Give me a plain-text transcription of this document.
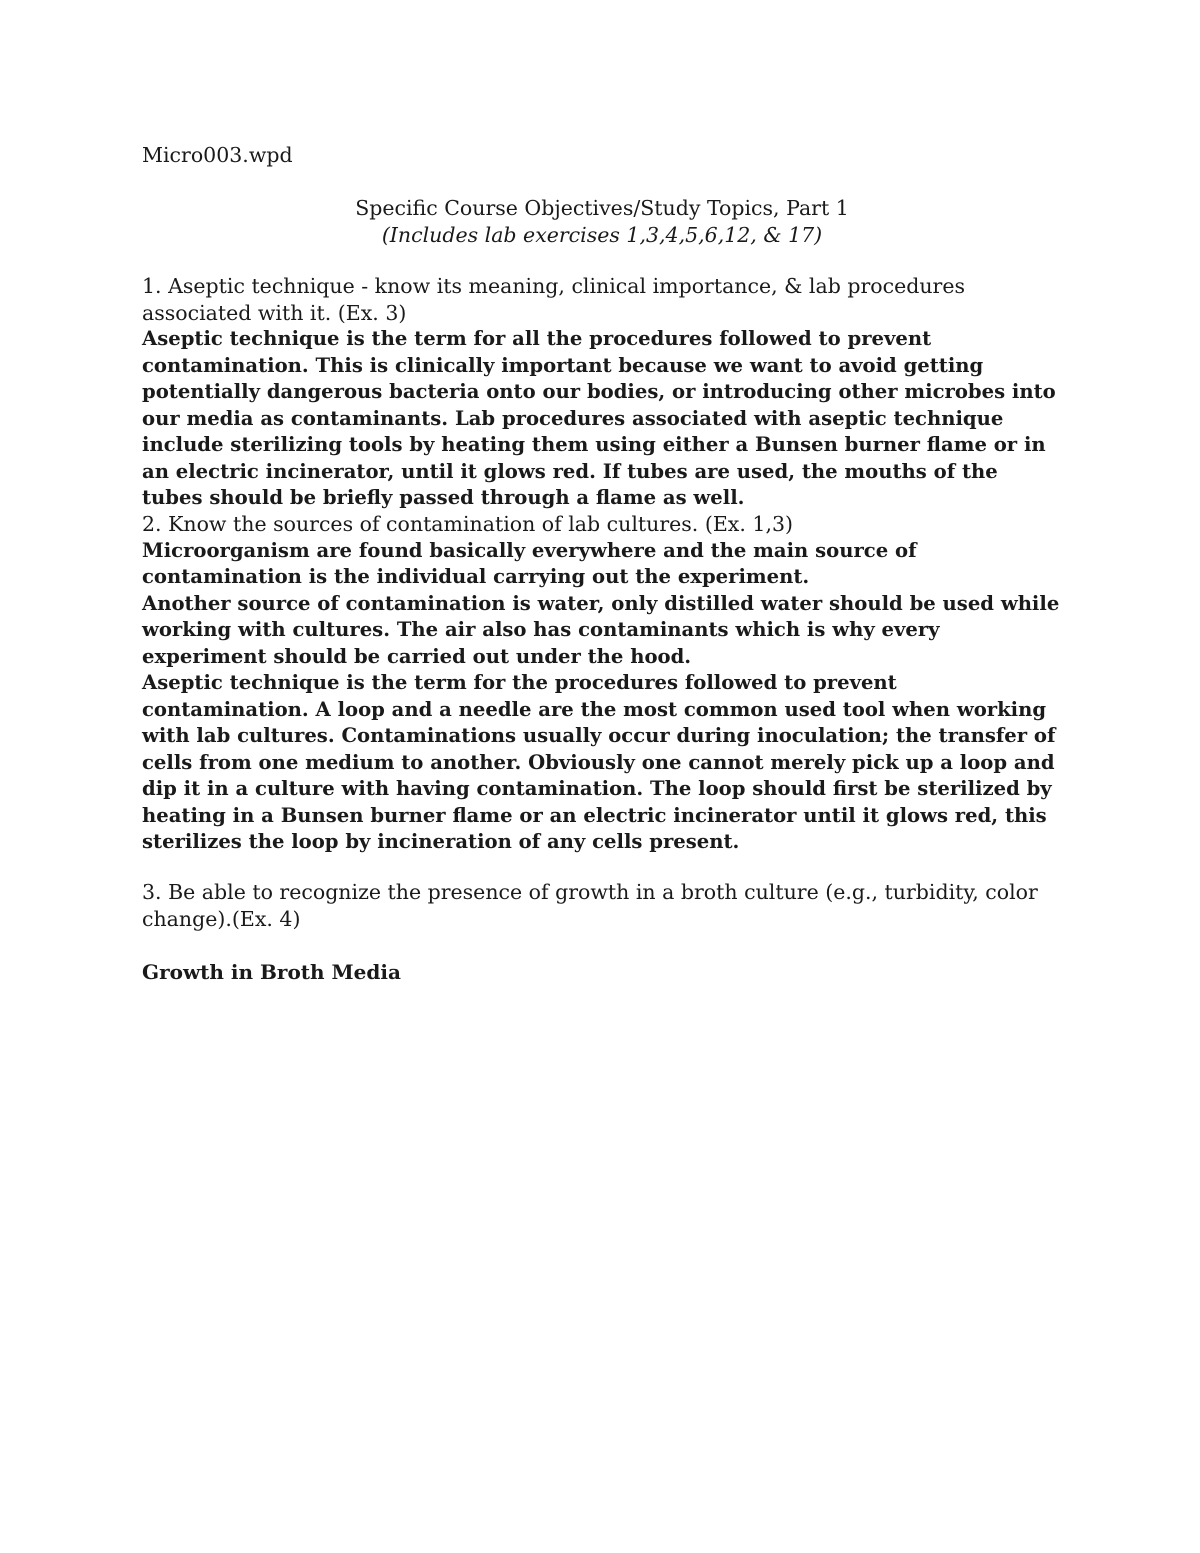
Micro003.wpd
Specific Course Objectives/Study Topics, Part 1
(Includes lab exercises 1,3,4,5,6,12, & 17)

1. Aseptic technique - know its meaning, clinical importance, & lab procedures associated with it. (Ex. 3)

Aseptic technique is the term for all the procedures followed to prevent contamination. This is clinically important because we want to avoid getting potentially dangerous bacteria onto our bodies, or introducing other microbes into our media as contaminants. Lab procedures associated with aseptic technique include sterilizing tools by heating them using either a Bunsen burner flame or in an electric incinerator, until it glows red. If tubes are used, the mouths of the tubes should be briefly passed through a flame as well.

2. Know the sources of contamination of lab cultures. (Ex. 1,3)

Microorganism are found basically everywhere and the main source of contamination is the individual carrying out the experiment.

Another source of contamination is water, only distilled water should be used while working with cultures. The air also has contaminants which is why every experiment should be carried out under the hood.

Aseptic technique is the term for the procedures followed to prevent contamination. A loop and a needle are the most common used tool when working with lab cultures. Contaminations usually occur during inoculation; the transfer of cells from one medium to another. Obviously one cannot merely pick up a loop and dip it in a culture with having contamination. The loop should first be sterilized by heating in a Bunsen burner flame or an electric incinerator until it glows red, this sterilizes the loop by incineration of any cells present.

3. Be able to recognize the presence of growth in a broth culture (e.g., turbidity, color change).(Ex. 4)

Growth in Broth Media
